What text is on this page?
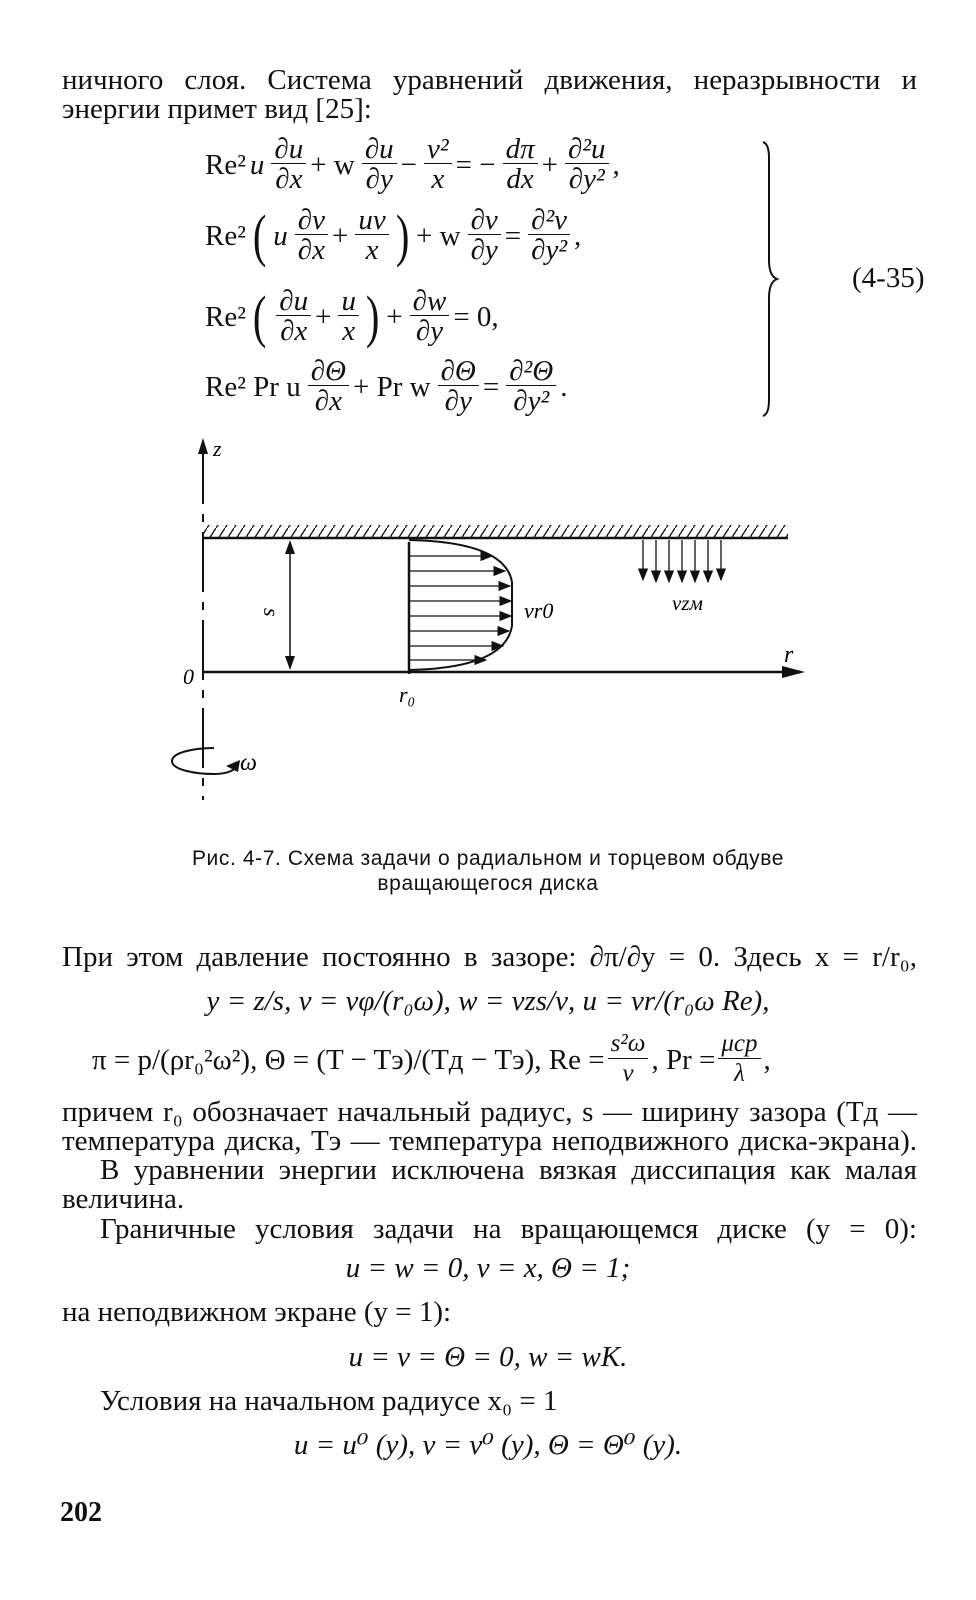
ничного слоя. Система уравнений движения, неразрывности и
энергии примет вид [25]:
Re² u $\frac{\partial u}{\partial x} + w \frac{\partial u}{\partial y} - \frac{\text{v²}}{x}$ = − $\frac{d\pi}{dx} + \frac{\text{∂²u}}{\text{∂y²}}$ ,
Re² ( u $\frac{\partial v}{\partial x} + \frac{uv}{x}$ ) + w $\frac{\partial v}{\partial y} = \frac{\text{∂²v}}{\text{∂y²}}$ ,
Re² ( $\frac{\partial u}{\partial x} + \frac{u}{x}$ ) + $\frac{\partial w}{\partial y} = 0$,
Re² Pr u $\frac{\partial\Theta}{\partial x} + Pr$ w $\frac{\partial\Theta}{\partial y} = \frac{\text{∂²Θ}}{\text{∂y²}}$ .
(4-35)
z
0
s
r
r₀
vr0	vzм
ω
Рис. 4-7. Схема задачи о радиальном и торцевом обдуве
вращающегося диска
При этом давление постоянно в зазоре: ∂π/∂y = 0. Здесь x = r/r₀,
y = z/s, v = vφ/(r₀ω), w = vzs/ν, u = vr/(r₀ω Re),
π = p/(ρr₀²ω²), Θ = (T − Tэ)/(Tд − Tэ), $Re = \frac{\text{s²ω}}{\nu}$ , $Pr = \frac{\text{μcp}}{\lambda}$ ,
причем r₀ обозначает начальный радиус, s — ширину зазора (Tд —
температура диска, Tэ — температура неподвижного диска-экрана).
В уравнении энергии исключена вязкая диссипация как малая
величина.
Граничные условия задачи на вращающемся диске (y = 0):
u = w = 0, v = x, Θ = 1;
на неподвижном экране (y = 1):
u = v = Θ = 0, w = wK.
Условия на начальном радиусе x₀ = 1
u = u⁰ (y), v = v⁰ (y), Θ = Θ⁰ (y).
202
